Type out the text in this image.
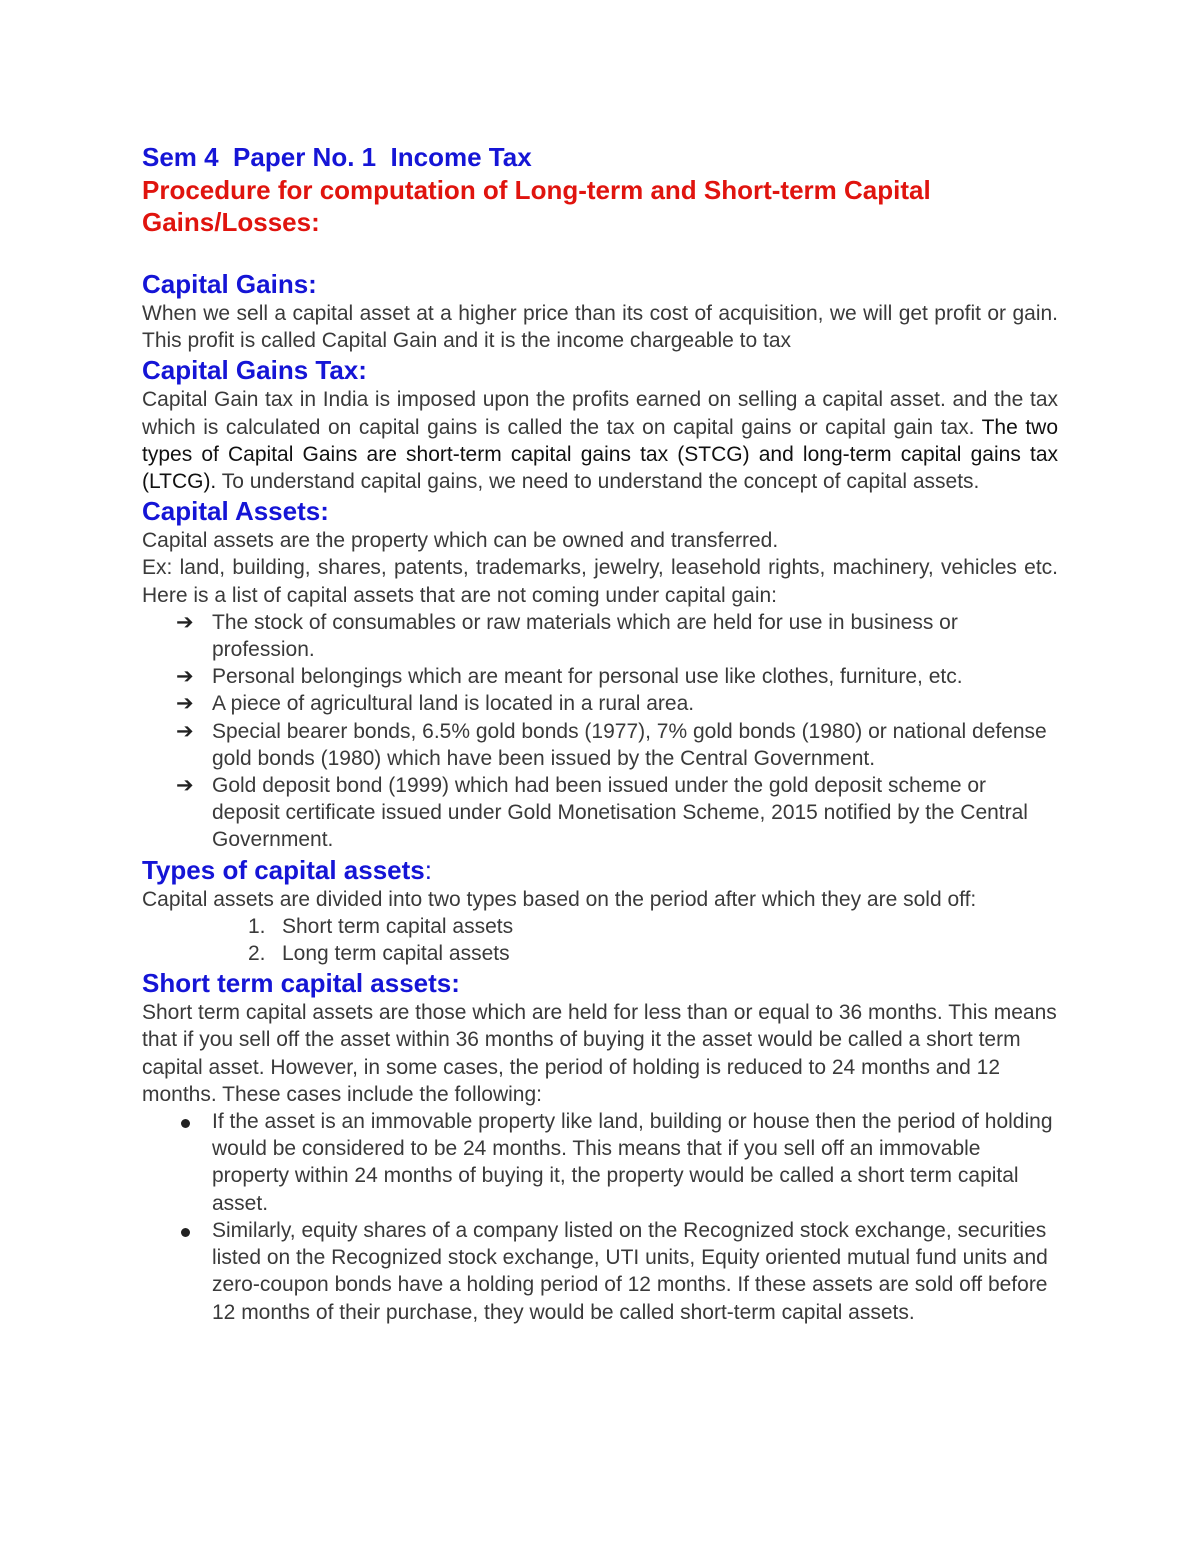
Sem 4  Paper No. 1  Income Tax

Procedure for computation of Long-term and Short-term Capital Gains/Losses:

Capital Gains:

When we sell a capital asset at a higher price than its cost of acquisition, we will get profit or gain. This profit is called Capital Gain and it is the income chargeable to tax

Capital Gains Tax:

Capital Gain tax in India is imposed upon the profits earned on selling a capital asset. and the tax which is calculated on capital gains is called the tax on capital gains or capital gain tax. The two types of Capital Gains are short-term capital gains tax (STCG) and long-term capital gains tax (LTCG). To understand capital gains, we need to understand the concept of capital assets.

Capital Assets:

Capital assets are the property which can be owned and transferred.

Ex: land, building, shares, patents, trademarks, jewelry, leasehold rights, machinery, vehicles etc. Here is a list of capital assets that are not coming under capital gain:

➔ The stock of consumables or raw materials which are held for use in business or profession.
➔ Personal belongings which are meant for personal use like clothes, furniture, etc.
➔ A piece of agricultural land is located in a rural area.
➔ Special bearer bonds, 6.5% gold bonds (1977), 7% gold bonds (1980) or national defense gold bonds (1980) which have been issued by the Central Government.
➔ Gold deposit bond (1999) which had been issued under the gold deposit scheme or deposit certificate issued under Gold Monetisation Scheme, 2015 notified by the Central Government.

Types of capital assets:

Capital assets are divided into two types based on the period after which they are sold off:

1. Short term capital assets
2. Long term capital assets

Short term capital assets:

Short term capital assets are those which are held for less than or equal to 36 months. This means that if you sell off the asset within 36 months of buying it the asset would be called a short term capital asset. However, in some cases, the period of holding is reduced to 24 months and 12 months. These cases include the following:

If the asset is an immovable property like land, building or house then the period of holding would be considered to be 24 months. This means that if you sell off an immovable property within 24 months of buying it, the property would be called a short term capital asset.
Similarly, equity shares of a company listed on the Recognized stock exchange, securities listed on the Recognized stock exchange, UTI units, Equity oriented mutual fund units and zero-coupon bonds have a holding period of 12 months. If these assets are sold off before 12 months of their purchase, they would be called short-term capital assets.
